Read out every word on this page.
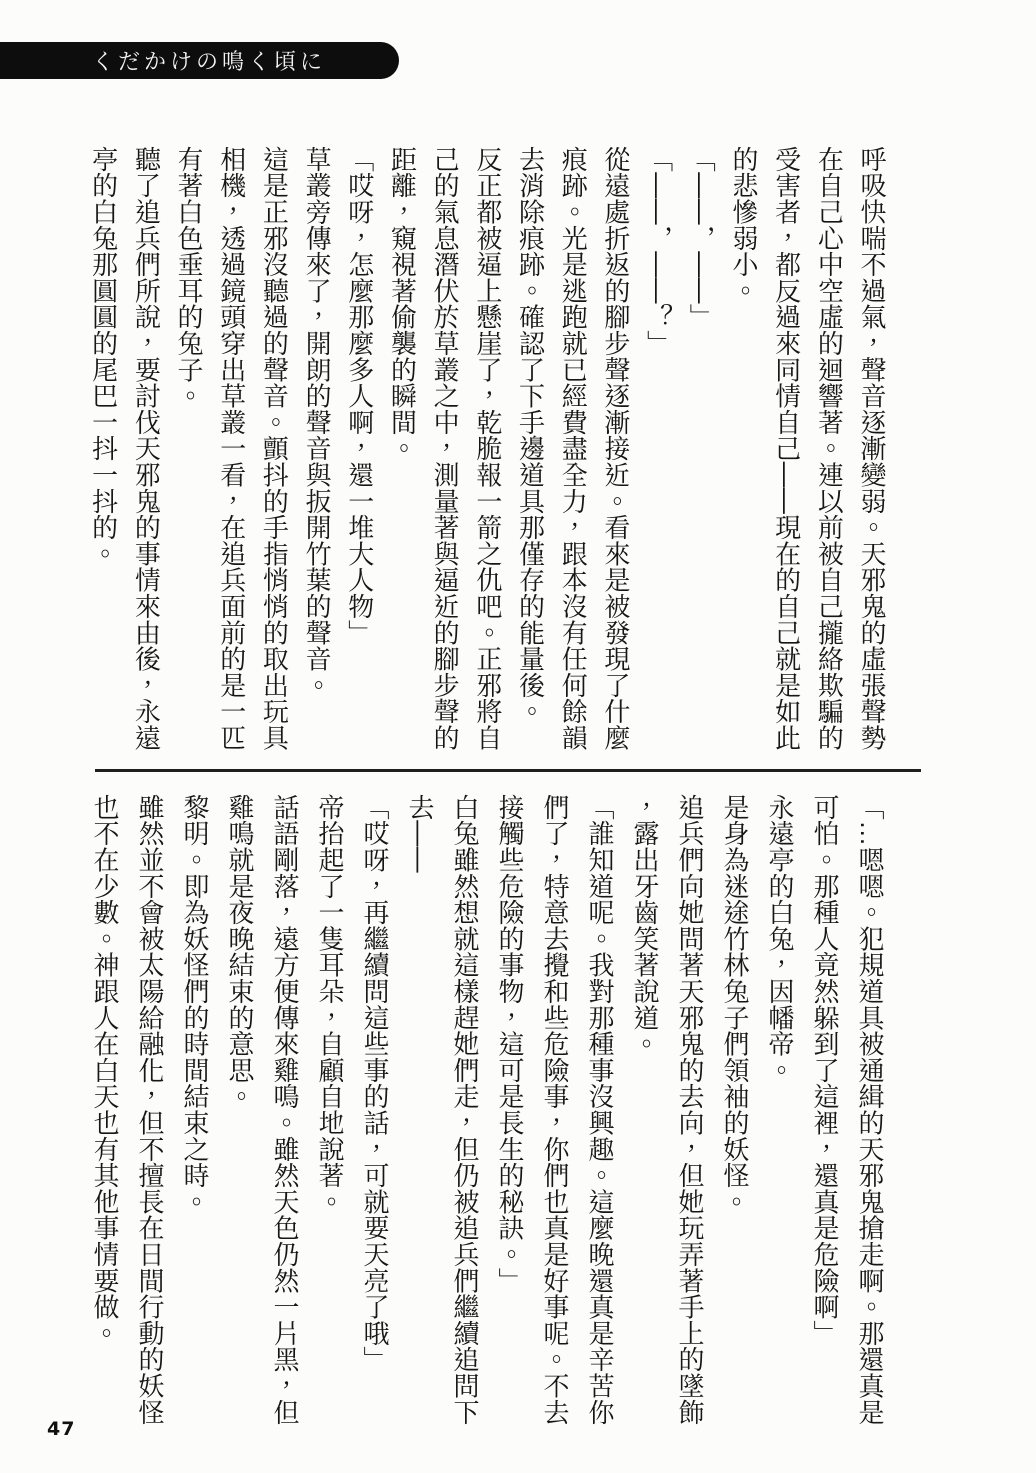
くだかけの鳴く頃に
呼吸快喘不過氣，聲音逐漸變弱。天邪鬼的虛張聲勢
在自己心中空虛的迴響著。連以前被自己攏絡欺騙的
受害者，都反過來同情自己——現在的自己就是如此
的悲慘弱小。
「——，——」
「——，——？」
從遠處折返的腳步聲逐漸接近。看來是被發現了什麼
痕跡。光是逃跑就已經費盡全力，跟本沒有任何餘韻
去消除痕跡。確認了下手邊道具那僅存的能量後。
反正都被逼上懸崖了，乾脆報一箭之仇吧。正邪將自
己的氣息潛伏於草叢之中，測量著與逼近的腳步聲的
距離，窺視著偷襲的瞬間。
「哎呀，怎麼那麼多人啊，還一堆大人物」
草叢旁傳來了，開朗的聲音與扳開竹葉的聲音。
這是正邪沒聽過的聲音。顫抖的手指悄悄的取出玩具
相機，透過鏡頭穿出草叢一看，在追兵面前的是一匹
有著白色垂耳的兔子。
聽了追兵們所說，要討伐天邪鬼的事情來由後，永遠
亭的白兔那圓圓的尾巴一抖一抖的。
「…嗯嗯。犯規道具被通緝的天邪鬼搶走啊。那還真是
可怕。那種人竟然躲到了這裡，還真是危險啊」
永遠亭的白兔，因幡帝。
是身為迷途竹林兔子們領袖的妖怪。
追兵們向她問著天邪鬼的去向，但她玩弄著手上的墜飾
，露出牙齒笑著說道。
「誰知道呢。我對那種事沒興趣。這麼晚還真是辛苦你
們了，特意去攪和些危險事，你們也真是好事呢。不去
接觸些危險的事物，這可是長生的秘訣。」
白兔雖然想就這樣趕她們走，但仍被追兵們繼續追問下
去——
「哎呀，再繼續問這些事的話，可就要天亮了哦」
帝抬起了一隻耳朵，自顧自地說著。
話語剛落，遠方便傳來雞鳴。雖然天色仍然一片黑，但
雞鳴就是夜晚結束的意思。
黎明。即為妖怪們的時間結束之時。
雖然並不會被太陽給融化，但不擅長在日間行動的妖怪
也不在少數。神跟人在白天也有其他事情要做。
47
